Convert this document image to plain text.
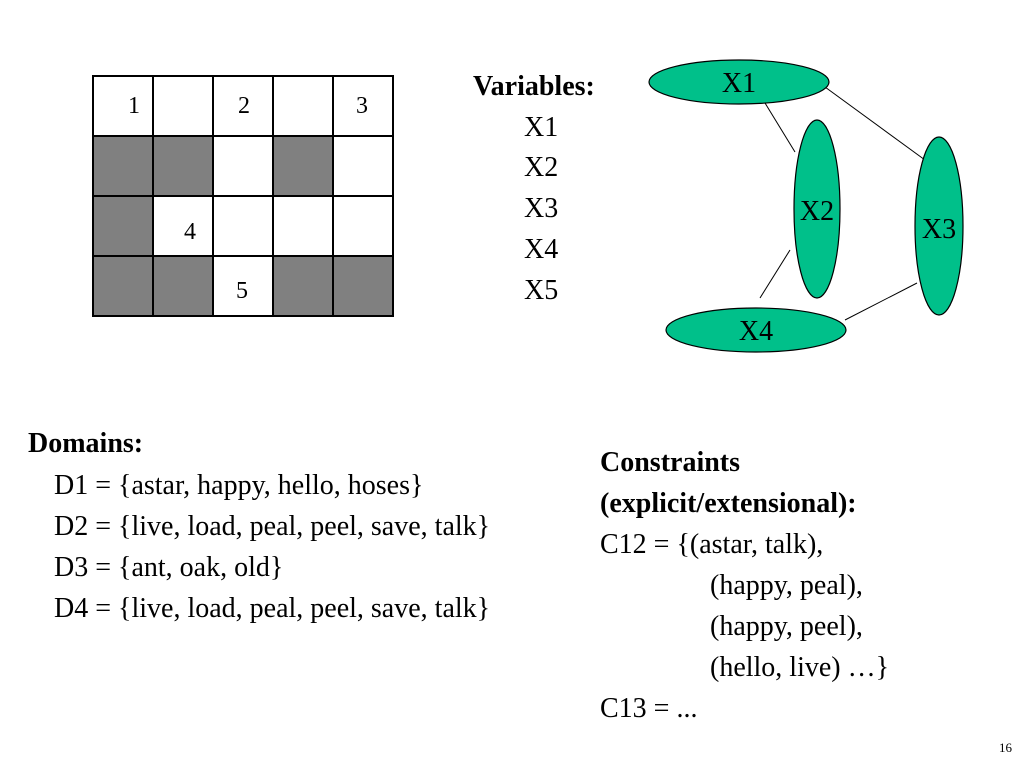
1	2	3
4
5
Variables:
X1
X2
X3
X4
X5
X1
X2
X3
X4
Domains:
D1 = {astar, happy, hello, hoses}
D2 = {live, load, peal, peel, save, talk}
D3 = {ant, oak, old}
D4 = {live, load, peal, peel, save, talk}
Constraints
(explicit/extensional):
C12 = {(astar, talk),
(happy, peal),
(happy, peel),
(hello, live) …}
C13 = ...
16
